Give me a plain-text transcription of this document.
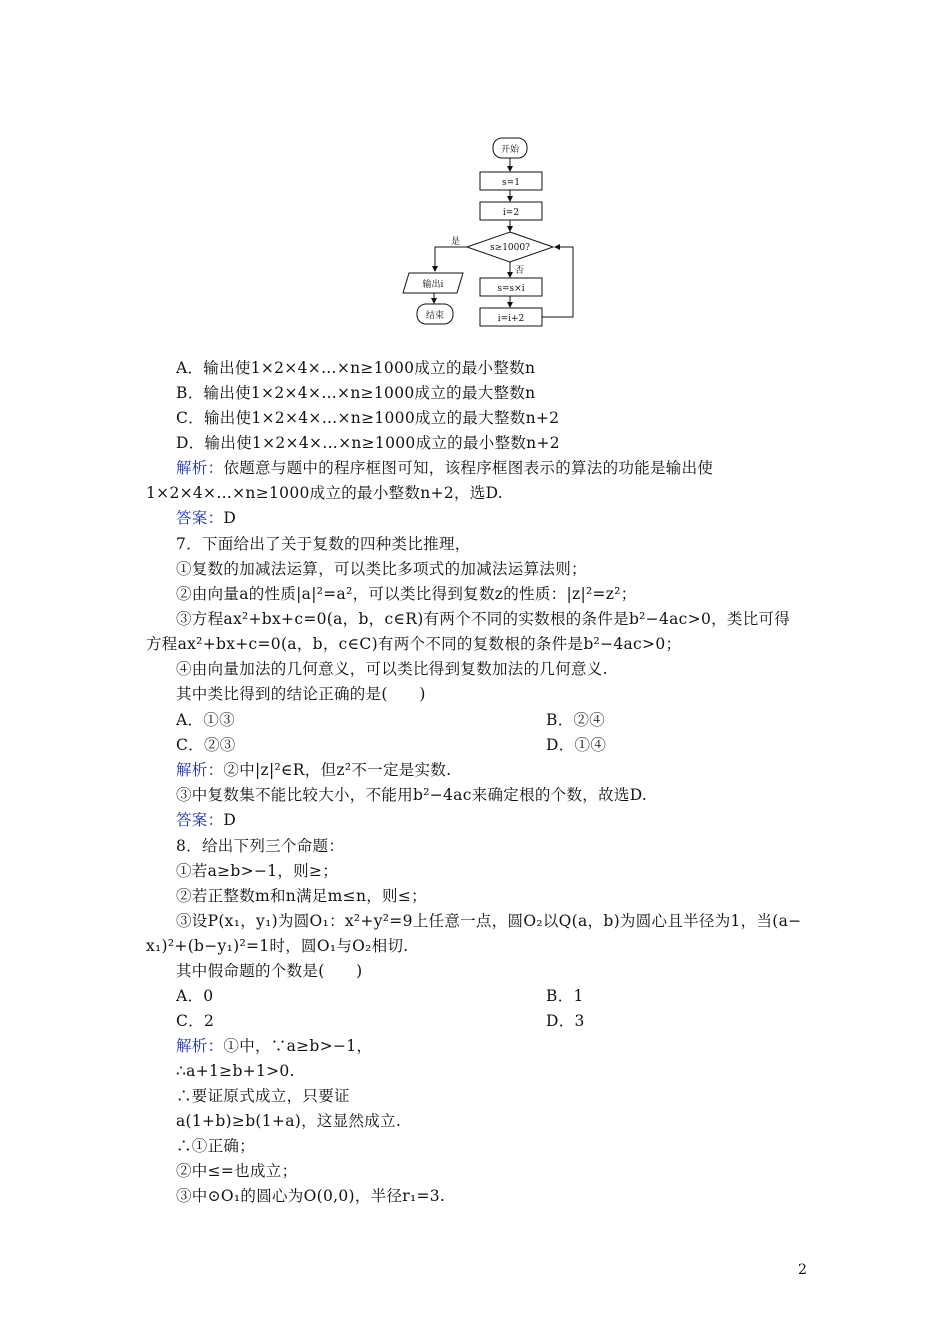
开始
s=1
i=2
s≥1000?
是
否
s=s×i
i=i+2
输出i
结束
A．输出使1×2×4×…×n≥1000成立的最小整数n
B．输出使1×2×4×…×n≥1000成立的最大整数n
C．输出使1×2×4×…×n≥1000成立的最大整数n+2
D．输出使1×2×4×…×n≥1000成立的最小整数n+2
解析：依题意与题中的程序框图可知，该程序框图表示的算法的功能是输出使
1×2×4×…×n≥1000成立的最小整数n+2，选D.
答案：D
7．下面给出了关于复数的四种类比推理，
①复数的加减法运算，可以类比多项式的加减法运算法则；
②由向量a的性质|a|²=a²，可以类比得到复数z的性质：|z|²=z²；
③方程ax²+bx+c=0(a，b，c∈R)有两个不同的实数根的条件是b²−4ac>0，类比可得
方程ax²+bx+c=0(a，b，c∈C)有两个不同的复数根的条件是b²−4ac>0；
④由向量加法的几何意义，可以类比得到复数加法的几何意义.
其中类比得到的结论正确的是(　　)
A．①③	B．②④
C．②③	D．①④
解析：②中|z|²∈R，但z²不一定是实数.
③中复数集不能比较大小，不能用b²−4ac来确定根的个数，故选D.
答案：D
8．给出下列三个命题：
①若a≥b>−1，则≥；
②若正整数m和n满足m≤n，则≤；
③设P(x₁，y₁)为圆O₁：x²+y²=9上任意一点，圆O₂以Q(a，b)为圆心且半径为1，当(a−
x₁)²+(b−y₁)²=1时，圆O₁与O₂相切.
其中假命题的个数是(　　)
A．0	B．1
C．2	D．3
解析：①中，∵a≥b>−1，
∴a+1≥b+1>0.
∴要证原式成立，只要证
a(1+b)≥b(1+a)，这显然成立.
∴①正确；
②中≤=也成立；
③中⊙O₁的圆心为O(0,0)，半径r₁=3.
2
